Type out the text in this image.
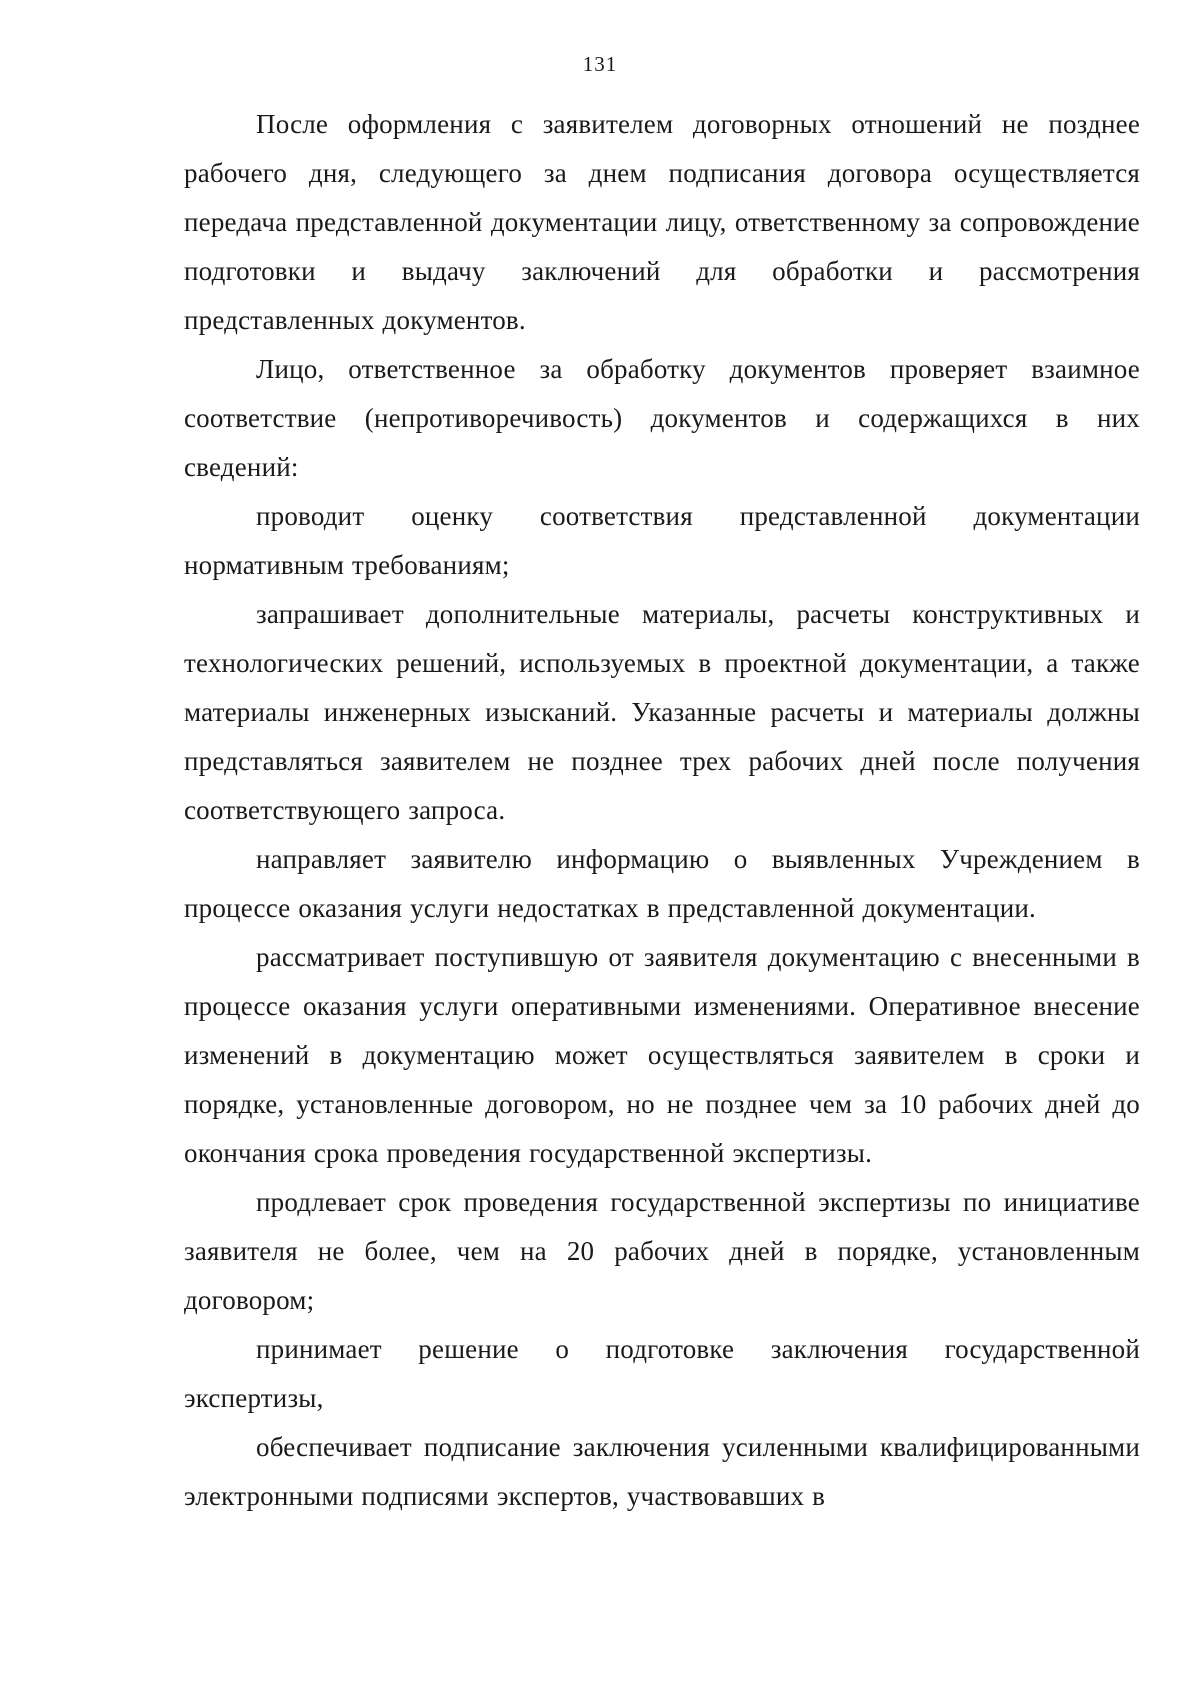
131

После оформления с заявителем договорных отношений не позднее рабочего дня, следующего за днем подписания договора осуществляется передача представленной документации лицу, ответственному за сопровождение подготовки и выдачу заключений для обработки и рассмотрения представленных документов.

Лицо, ответственное за обработку документов проверяет взаимное соответствие (непротиворечивость) документов и содержащихся в них сведений:

проводит оценку соответствия представленной документации нормативным требованиям;

запрашивает дополнительные материалы, расчеты конструктивных и технологических решений, используемых в проектной документации, а также материалы инженерных изысканий. Указанные расчеты и материалы должны представляться заявителем не позднее трех рабочих дней после получения соответствующего запроса.

направляет заявителю информацию о выявленных Учреждением в процессе оказания услуги недостатках в представленной документации.

рассматривает поступившую от заявителя документацию с внесенными в процессе оказания услуги оперативными изменениями. Оперативное внесение изменений в документацию может осуществляться заявителем в сроки и порядке, установленные договором, но не позднее чем за 10 рабочих дней до окончания срока проведения государственной экспертизы.

продлевает срок проведения государственной экспертизы по инициативе заявителя не более, чем на 20 рабочих дней в порядке, установленным договором;

принимает решение о подготовке заключения государственной экспертизы,

обеспечивает подписание заключения усиленными квалифицированными электронными подписями экспертов, участвовавших в
